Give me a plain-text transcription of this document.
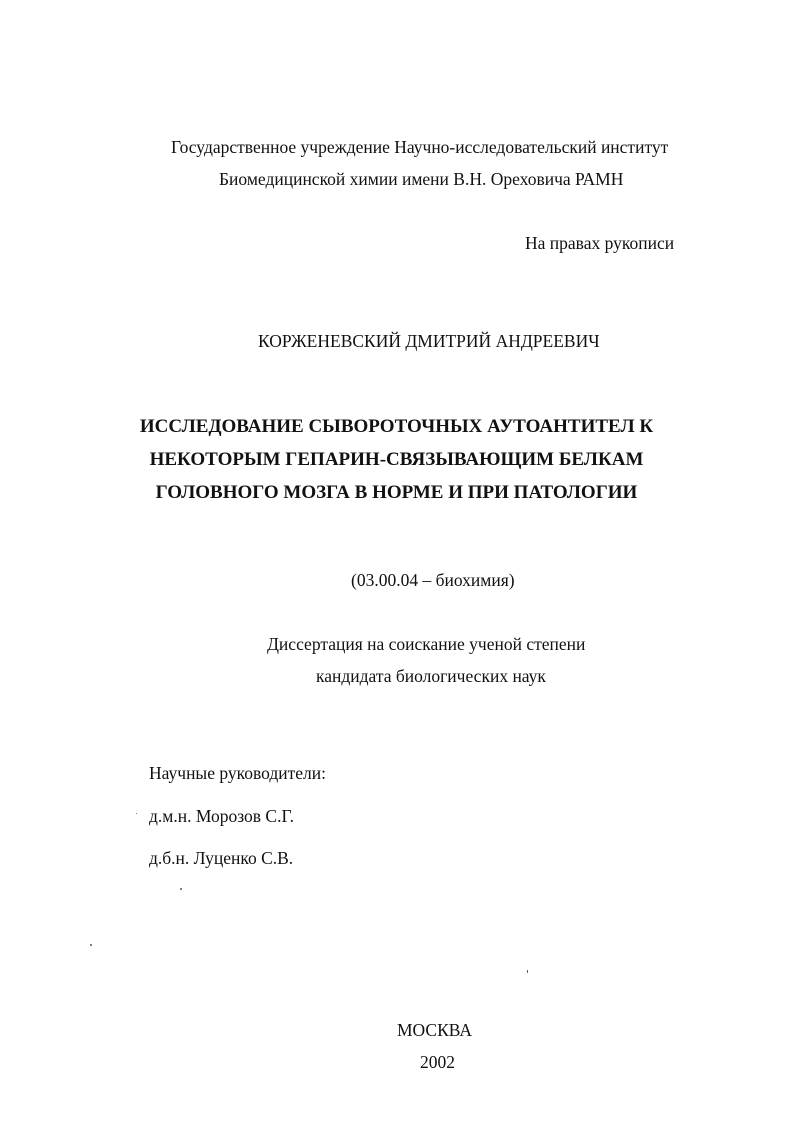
Государственное учреждение Научно-исследовательский институт
Биомедицинской химии имени В.Н. Ореховича РАМН
На правах рукописи
КОРЖЕНЕВСКИЙ ДМИТРИЙ АНДРЕЕВИЧ
ИССЛЕДОВАНИЕ СЫВОРОТОЧНЫХ АУТОАНТИТЕЛ К
НЕКОТОРЫМ ГЕПАРИН-СВЯЗЫВАЮЩИМ БЕЛКАМ
ГОЛОВНОГО МОЗГА В НОРМЕ И ПРИ ПАТОЛОГИИ
(03.00.04 – биохимия)
Диссертация на соискание ученой степени
кандидата биологических наук
Научные руководители:
д.м.н. Морозов С.Г.
д.б.н. Луценко С.В.
МОСКВА
2002
